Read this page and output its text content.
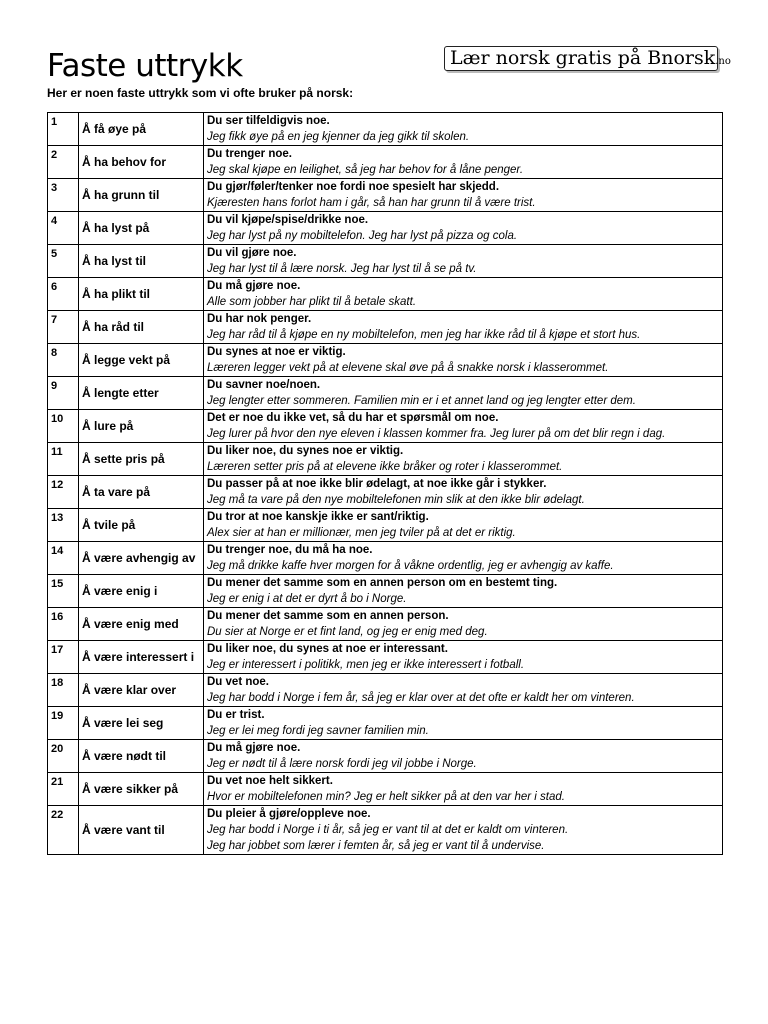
Faste uttrykk	Lær norsk gratis på Bnorsk.no
Her er noen faste uttrykk som vi ofte bruker på norsk:
1	Å få øye på	Du ser tilfeldigvis noe.
Jeg fikk øye på en jeg kjenner da jeg gikk til skolen.

2	Å ha behov for	Du trenger noe.
Jeg skal kjøpe en leilighet, så jeg har behov for å låne penger.

3	Å ha grunn til	Du gjør/føler/tenker noe fordi noe spesielt har skjedd.
Kjæresten hans forlot ham i går, så han har grunn til å være trist.

4	Å ha lyst på	Du vil kjøpe/spise/drikke noe.
Jeg har lyst på ny mobiltelefon. Jeg har lyst på pizza og cola.

5	Å ha lyst til	Du vil gjøre noe.
Jeg har lyst til å lære norsk. Jeg har lyst til å se på tv.

6	Å ha plikt til	Du må gjøre noe.
Alle som jobber har plikt til å betale skatt.

7	Å ha råd til	Du har nok penger.
Jeg har råd til å kjøpe en ny mobiltelefon, men jeg har ikke råd til å kjøpe et stort hus.

8	Å legge vekt på	Du synes at noe er viktig.
Læreren legger vekt på at elevene skal øve på å snakke norsk i klasserommet.

9	Å lengte etter	Du savner noe/noen.
Jeg lengter etter sommeren. Familien min er i et annet land og jeg lengter etter dem.

10	Å lure på	Det er noe du ikke vet, så du har et spørsmål om noe.
Jeg lurer på hvor den nye eleven i klassen kommer fra. Jeg lurer på om det blir regn i dag.

11	Å sette pris på	Du liker noe, du synes noe er viktig.
Læreren setter pris på at elevene ikke bråker og roter i klasserommet.

12	Å ta vare på	Du passer på at noe ikke blir ødelagt, at noe ikke går i stykker.
Jeg må ta vare på den nye mobiltelefonen min slik at den ikke blir ødelagt.

13	Å tvile på	Du tror at noe kanskje ikke er sant/riktig.
Alex sier at han er millionær, men jeg tviler på at det er riktig.

14	Å være avhengig av	Du trenger noe, du må ha noe.
Jeg må drikke kaffe hver morgen for å våkne ordentlig, jeg er avhengig av kaffe.

15	Å være enig i	Du mener det samme som en annen person om en bestemt ting.
Jeg er enig i at det er dyrt å bo i Norge.

16	Å være enig med	Du mener det samme som en annen person.
Du sier at Norge er et fint land, og jeg er enig med deg.

17	Å være interessert i	Du liker noe, du synes at noe er interessant.
Jeg er interessert i politikk, men jeg er ikke interessert i fotball.

18	Å være klar over	Du vet noe.
Jeg har bodd i Norge i fem år, så jeg er klar over at det ofte er kaldt her om vinteren.

19	Å være lei seg	Du er trist.
Jeg er lei meg fordi jeg savner familien min.

20	Å være nødt til	Du må gjøre noe.
Jeg er nødt til å lære norsk fordi jeg vil jobbe i Norge.

21	Å være sikker på	Du vet noe helt sikkert.
Hvor er mobiltelefonen min? Jeg er helt sikker på at den var her i stad.

22	Å være vant til	Du pleier å gjøre/oppleve noe.
Jeg har bodd i Norge i ti år, så jeg er vant til at det er kaldt om vinteren.
Jeg har jobbet som lærer i femten år, så jeg er vant til å undervise.
